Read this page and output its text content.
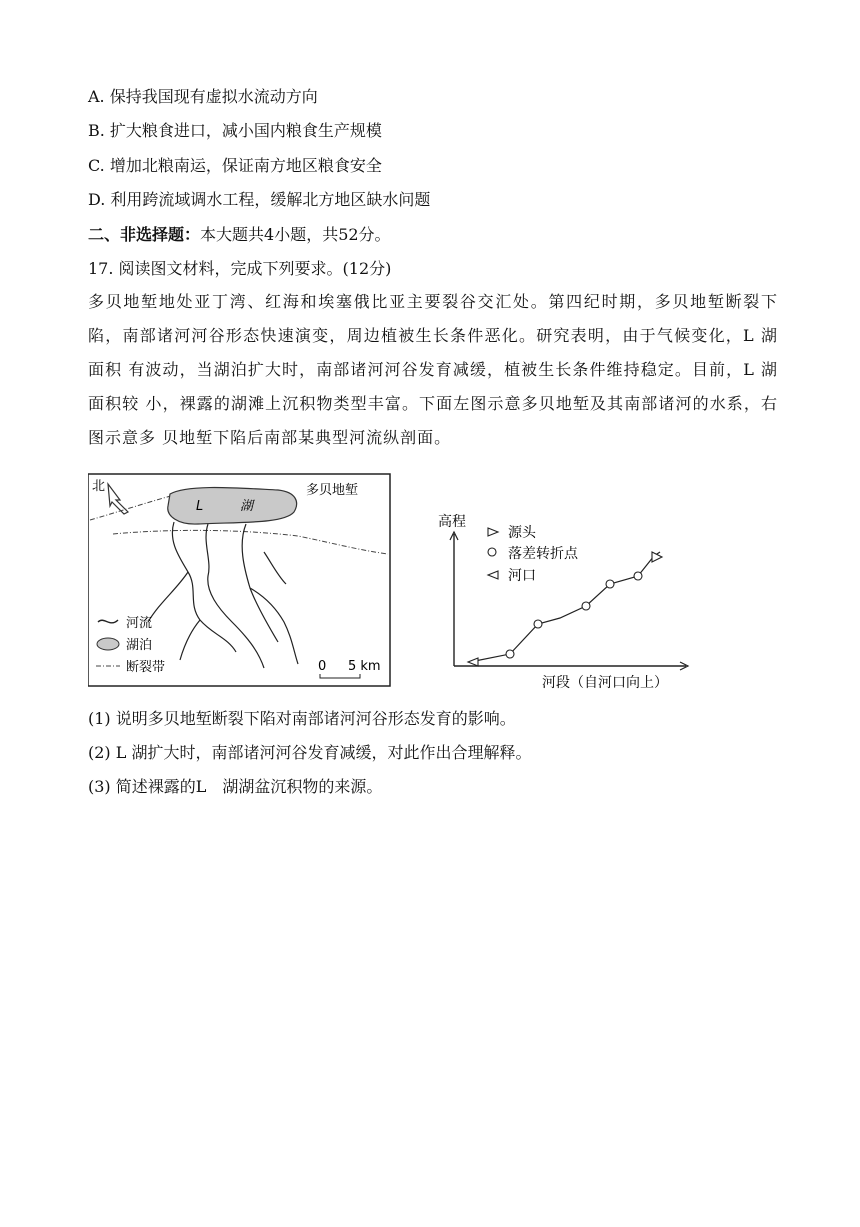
A. 保持我国现有虚拟水流动方向
B. 扩大粮食进口，减小国内粮食生产规模
C. 增加北粮南运，保证南方地区粮食安全
D. 利用跨流域调水工程，缓解北方地区缺水问题
二、非选择题：本大题共4小题，共52分。
17. 阅读图文材料，完成下列要求。(12分)
多贝地堑地处亚丁湾、红海和埃塞俄比亚主要裂谷交汇处。第四纪时期，多贝地堑断裂下 陷，南部诸河河谷形态快速演变，周边植被生长条件恶化。研究表明，由于气候变化，L 湖面积 有波动，当湖泊扩大时，南部诸河河谷发育减缓，植被生长条件维持稳定。目前，L 湖面积较 小，裸露的湖滩上沉积物类型丰富。下面左图示意多贝地堑及其南部诸河的水系，右图示意多 贝地堑下陷后南部某典型河流纵剖面。
北
L	湖
多贝地堑
河流
湖泊
断裂带	0 5 km
高程
河段（自河口向上）
源头
落差转折点
河口
(1) 说明多贝地堑断裂下陷对南部诸河河谷形态发育的影响。
(2) L 湖扩大时，南部诸河河谷发育减缓，对此作出合理解释。
(3) 简述裸露的L　湖湖盆沉积物的来源。
